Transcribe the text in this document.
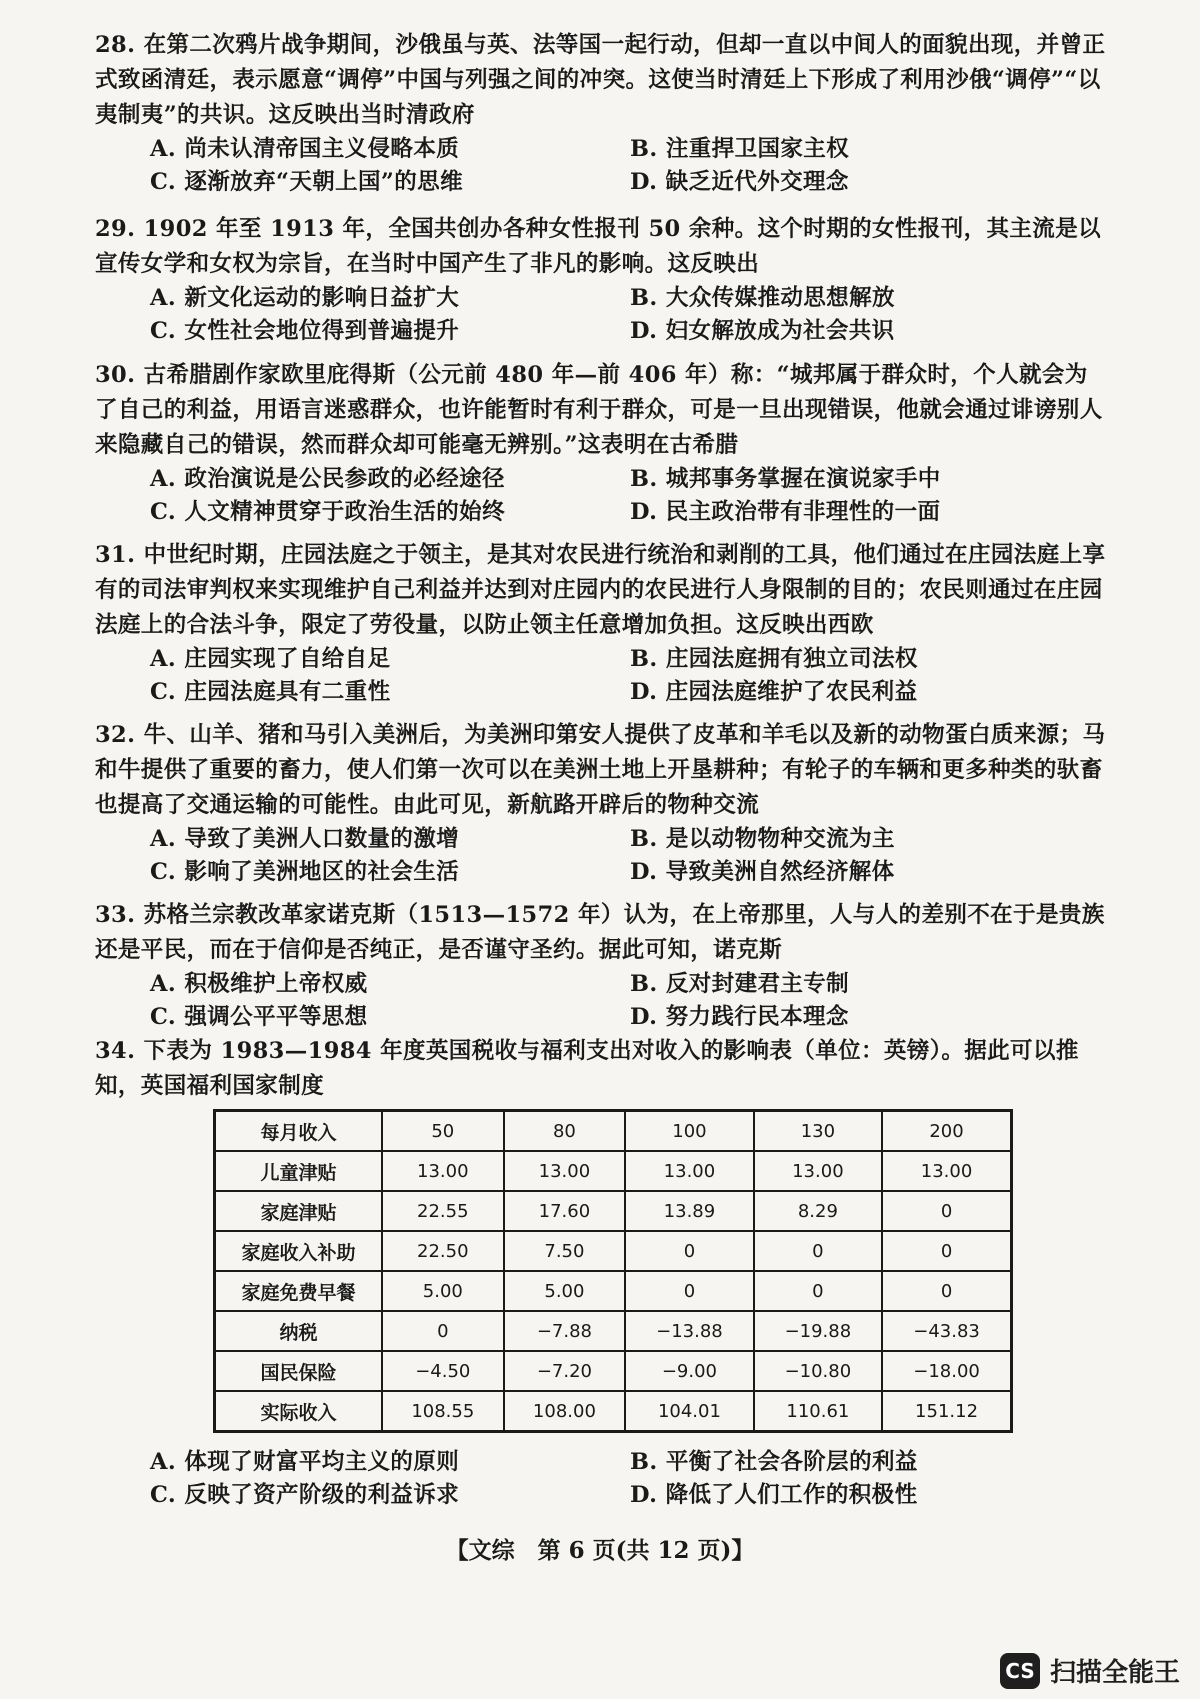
28. 在第二次鸦片战争期间，沙俄虽与英、法等国一起行动，但却一直以中间人的面貌出现，并曾正式致函清廷，表示愿意“调停”中国与列强之间的冲突。这使当时清廷上下形成了利用沙俄“调停”“以夷制夷”的共识。这反映出当时清政府
A. 尚未认清帝国主义侵略本质	B. 注重捍卫国家主权
C. 逐渐放弃“天朝上国”的思维	D. 缺乏近代外交理念
29. 1902 年至 1913 年，全国共创办各种女性报刊 50 余种。这个时期的女性报刊，其主流是以宣传女学和女权为宗旨，在当时中国产生了非凡的影响。这反映出
A. 新文化运动的影响日益扩大	B. 大众传媒推动思想解放
C. 女性社会地位得到普遍提升	D. 妇女解放成为社会共识
30. 古希腊剧作家欧里庇得斯（公元前 480 年—前 406 年）称：“城邦属于群众时，个人就会为了自己的利益，用语言迷惑群众，也许能暂时有利于群众，可是一旦出现错误，他就会通过诽谤别人来隐藏自己的错误，然而群众却可能毫无辨别。”这表明在古希腊
A. 政治演说是公民参政的必经途径	B. 城邦事务掌握在演说家手中
C. 人文精神贯穿于政治生活的始终	D. 民主政治带有非理性的一面
31. 中世纪时期，庄园法庭之于领主，是其对农民进行统治和剥削的工具，他们通过在庄园法庭上享有的司法审判权来实现维护自己利益并达到对庄园内的农民进行人身限制的目的；农民则通过在庄园法庭上的合法斗争，限定了劳役量，以防止领主任意增加负担。这反映出西欧
A. 庄园实现了自给自足	B. 庄园法庭拥有独立司法权
C. 庄园法庭具有二重性	D. 庄园法庭维护了农民利益
32. 牛、山羊、猪和马引入美洲后，为美洲印第安人提供了皮革和羊毛以及新的动物蛋白质来源；马和牛提供了重要的畜力，使人们第一次可以在美洲土地上开垦耕种；有轮子的车辆和更多种类的驮畜也提高了交通运输的可能性。由此可见，新航路开辟后的物种交流
A. 导致了美洲人口数量的激增	B. 是以动物物种交流为主
C. 影响了美洲地区的社会生活	D. 导致美洲自然经济解体
33. 苏格兰宗教改革家诺克斯（1513—1572 年）认为，在上帝那里，人与人的差别不在于是贵族还是平民，而在于信仰是否纯正，是否谨守圣约。据此可知，诺克斯
A. 积极维护上帝权威	B. 反对封建君主专制
C. 强调公平平等思想	D. 努力践行民本理念
34. 下表为 1983—1984 年度英国税收与福利支出对收入的影响表（单位：英镑）。据此可以推知，英国福利国家制度
每月收入	50	80	100	130	200
儿童津贴	13.00	13.00	13.00	13.00	13.00
家庭津贴	22.55	17.60	13.89	8.29	0
家庭收入补助	22.50	7.50	0	0	0
家庭免费早餐	5.00	5.00	0	0	0
纳税	0	−7.88	−13.88	−19.88	−43.83
国民保险	−4.50	−7.20	−9.00	−10.80	−18.00
实际收入	108.55	108.00	104.01	110.61	151.12
A. 体现了财富平均主义的原则	B. 平衡了社会各阶层的利益
C. 反映了资产阶级的利益诉求	D. 降低了人们工作的积极性
【文综　第 6 页(共 12 页)】
CS 扫描全能王
